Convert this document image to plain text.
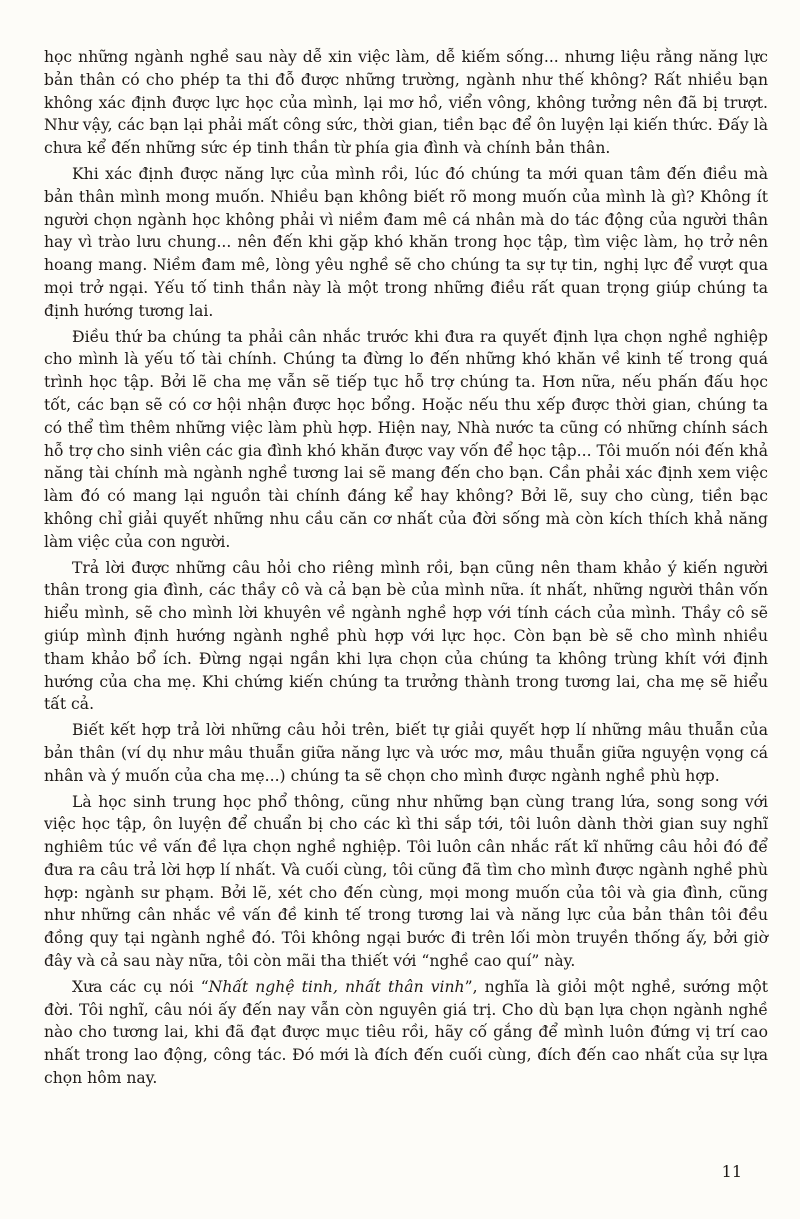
học những ngành nghề sau này dễ xin việc làm, dễ kiếm sống... nhưng liệu rằng năng lực bản thân có cho phép ta thi đỗ được những trường, ngành như thế không? Rất nhiều bạn không xác định được lực học của mình, lại mơ hồ, viển vông, không tưởng nên đã bị trượt. Như vậy, các bạn lại phải mất công sức, thời gian, tiền bạc để ôn luyện lại kiến thức. Đấy là chưa kể đến những sức ép tinh thần từ phía gia đình và chính bản thân.

Khi xác định được năng lực của mình rồi, lúc đó chúng ta mới quan tâm đến điều mà bản thân mình mong muốn. Nhiều bạn không biết rõ mong muốn của mình là gì? Không ít người chọn ngành học không phải vì niềm đam mê cá nhân mà do tác động của người thân hay vì trào lưu chung... nên đến khi gặp khó khăn trong học tập, tìm việc làm, họ trở nên hoang mang. Niềm đam mê, lòng yêu nghề sẽ cho chúng ta sự tự tin, nghị lực để vượt qua mọi trở ngại. Yếu tố tinh thần này là một trong những điều rất quan trọng giúp chúng ta định hướng tương lai.

Điều thứ ba chúng ta phải cân nhắc trước khi đưa ra quyết định lựa chọn nghề nghiệp cho mình là yếu tố tài chính. Chúng ta đừng lo đến những khó khăn về kinh tế trong quá trình học tập. Bởi lẽ cha mẹ vẫn sẽ tiếp tục hỗ trợ chúng ta. Hơn nữa, nếu phấn đấu học tốt, các bạn sẽ có cơ hội nhận được học bổng. Hoặc nếu thu xếp được thời gian, chúng ta có thể tìm thêm những việc làm phù hợp. Hiện nay, Nhà nước ta cũng có những chính sách hỗ trợ cho sinh viên các gia đình khó khăn được vay vốn để học tập... Tôi muốn nói đến khả năng tài chính mà ngành nghề tương lai sẽ mang đến cho bạn. Cần phải xác định xem việc làm đó có mang lại nguồn tài chính đáng kể hay không? Bởi lẽ, suy cho cùng, tiền bạc không chỉ giải quyết những nhu cầu căn cơ nhất của đời sống mà còn kích thích khả năng làm việc của con người.

Trả lời được những câu hỏi cho riêng mình rồi, bạn cũng nên tham khảo ý kiến người thân trong gia đình, các thầy cô và cả bạn bè của mình nữa. ít nhất, những người thân vốn hiểu mình, sẽ cho mình lời khuyên về ngành nghề hợp với tính cách của mình. Thầy cô sẽ giúp mình định hướng ngành nghề phù hợp với lực học. Còn bạn bè sẽ cho mình nhiều tham khảo bổ ích. Đừng ngại ngần khi lựa chọn của chúng ta không trùng khít với định hướng của cha mẹ. Khi chứng kiến chúng ta trưởng thành trong tương lai, cha mẹ sẽ hiểu tất cả.

Biết kết hợp trả lời những câu hỏi trên, biết tự giải quyết hợp lí những mâu thuẫn của bản thân (ví dụ như mâu thuẫn giữa năng lực và ước mơ, mâu thuẫn giữa nguyện vọng cá nhân và ý muốn của cha mẹ...) chúng ta sẽ chọn cho mình được ngành nghề phù hợp.

Là học sinh trung học phổ thông, cũng như những bạn cùng trang lứa, song song với việc học tập, ôn luyện để chuẩn bị cho các kì thi sắp tới, tôi luôn dành thời gian suy nghĩ nghiêm túc về vấn đề lựa chọn nghề nghiệp. Tôi luôn cân nhắc rất kĩ những câu hỏi đó để đưa ra câu trả lời hợp lí nhất. Và cuối cùng, tôi cũng đã tìm cho mình được ngành nghề phù hợp: ngành sư phạm. Bởi lẽ, xét cho đến cùng, mọi mong muốn của tôi và gia đình, cũng như những cân nhắc về vấn đề kinh tế trong tương lai và năng lực của bản thân tôi đều đồng quy tại ngành nghề đó. Tôi không ngại bước đi trên lối mòn truyền thống ấy, bởi giờ đây và cả sau này nữa, tôi còn mãi tha thiết với “nghề cao quí” này.

Xưa các cụ nói “Nhất nghệ tinh, nhất thân vinh”, nghĩa là giỏi một nghề, sướng một đời. Tôi nghĩ, câu nói ấy đến nay vẫn còn nguyên giá trị. Cho dù bạn lựa chọn ngành nghề nào cho tương lai, khi đã đạt được mục tiêu rồi, hãy cố gắng để mình luôn đứng vị trí cao nhất trong lao động, công tác. Đó mới là đích đến cuối cùng, đích đến cao nhất của sự lựa chọn hôm nay.

11
